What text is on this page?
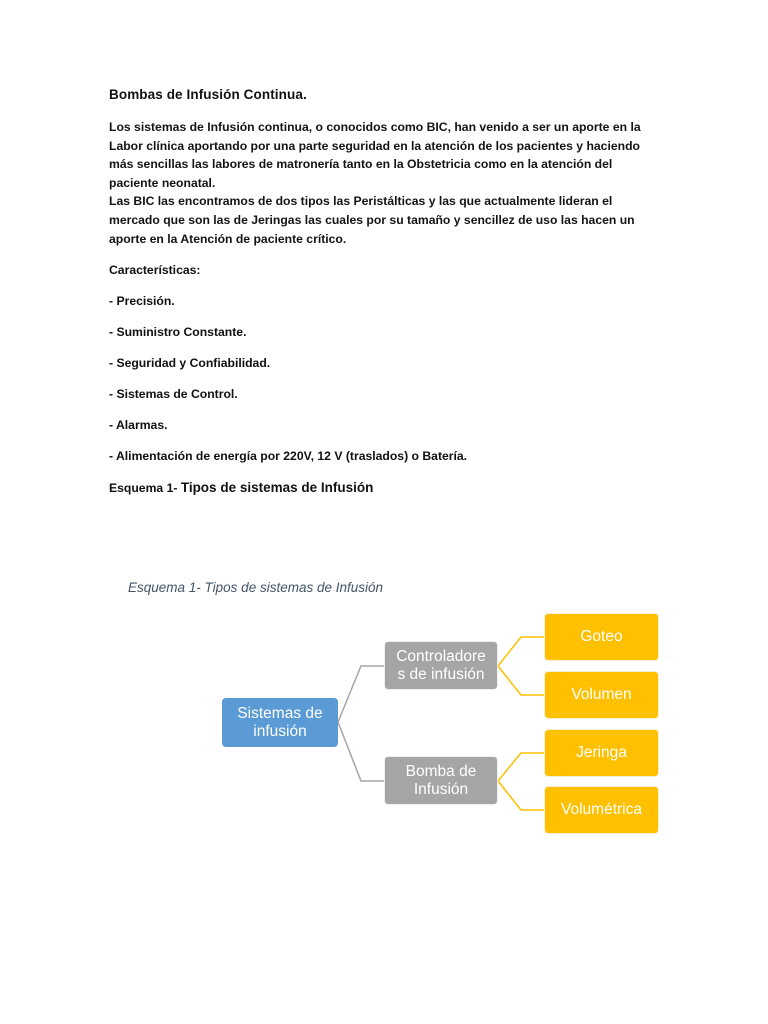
Bombas de Infusión Continua.
Los sistemas de Infusión continua, o conocidos como BIC, han venido a ser un aporte en la
Labor clínica aportando por una parte seguridad en la atención de los pacientes y haciendo
más sencillas las labores de matronería tanto en la Obstetricia como en la atención del
paciente neonatal.
Las BIC las encontramos de dos tipos las Peristálticas y las que actualmente lideran el
mercado que son las de Jeringas las cuales por su tamaño y sencillez de uso las hacen un
aporte en la Atención de paciente crítico.
Características:
- Precisión.
- Suministro Constante.
- Seguridad y Confiabilidad.
- Sistemas de Control.
- Alarmas.
- Alimentación de energía por 220V, 12 V (traslados) o Batería.
Esquema 1- Tipos de sistemas de Infusión
Esquema 1- Tipos de sistemas de Infusión
Sistemas de
infusión
Controladore
s de infusión
Bomba de
Infusión
Goteo
Volumen
Jeringa
Volumétrica
